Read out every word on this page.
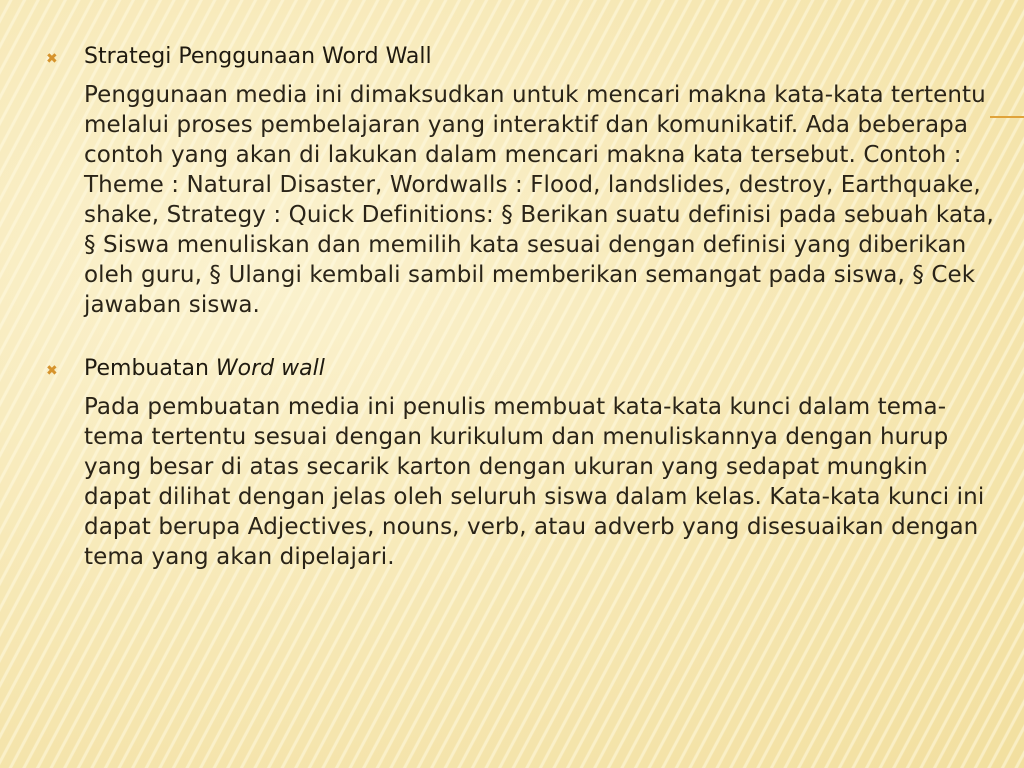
✖	Strategi Penggunaan Word Wall
Penggunaan media ini dimaksudkan untuk mencari makna kata-kata tertentu melalui proses pembelajaran yang interaktif dan komunikatif. Ada beberapa contoh yang akan di lakukan dalam mencari makna kata tersebut. Contoh : Theme : Natural Disaster, Wordwalls : Flood, landslides, destroy, Earthquake, shake, Strategy : Quick Definitions: § Berikan suatu definisi pada sebuah kata, § Siswa menuliskan dan memilih kata sesuai dengan definisi yang diberikan oleh guru, § Ulangi kembali sambil memberikan semangat pada siswa, § Cek jawaban siswa.
✖	Pembuatan Word wall
Pada pembuatan media ini penulis membuat kata-kata kunci dalam tema-tema tertentu sesuai dengan kurikulum dan menuliskannya dengan hurup yang besar di atas secarik karton dengan ukuran yang sedapat mungkin dapat dilihat dengan jelas oleh seluruh siswa dalam kelas. Kata-kata kunci ini dapat berupa Adjectives, nouns, verb, atau adverb yang disesuaikan dengan tema yang akan dipelajari.
